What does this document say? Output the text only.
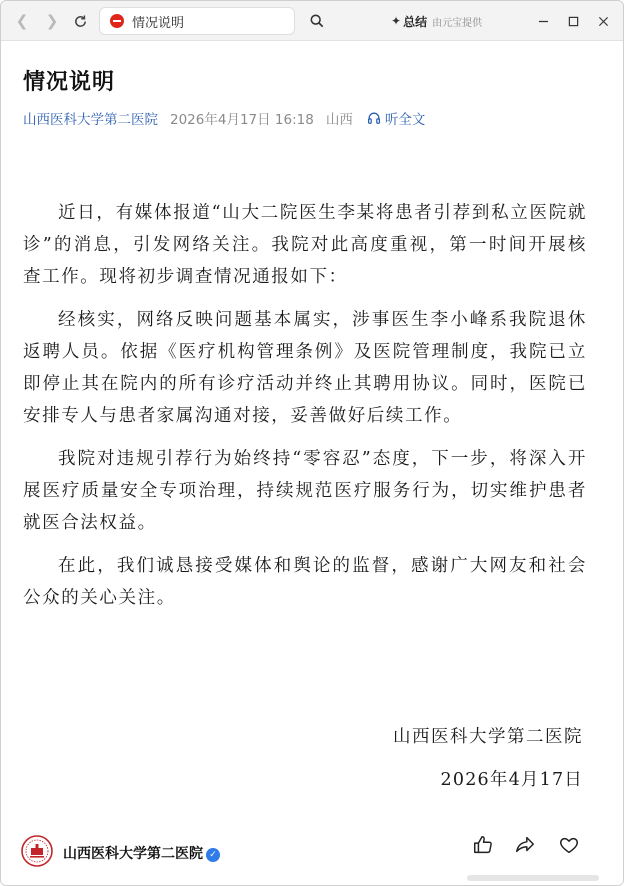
❮ ❯	情况说明	✦ 总结 由元宝提供
情况说明
山西医科大学第二医院 2026年4月17日 16:18 山西 听全文

近日，有媒体报道“山大二院医生李某将患者引荐到私立医院就诊”的消息，引发网络关注。我院对此高度重视，第一时间开展核查工作。现将初步调查情况通报如下：

经核实，网络反映问题基本属实，涉事医生李小峰系我院退休返聘人员。依据《医疗机构管理条例》及医院管理制度，我院已立即停止其在院内的所有诊疗活动并终止其聘用协议。同时，医院已安排专人与患者家属沟通对接，妥善做好后续工作。

我院对违规引荐行为始终持“零容忍”态度，下一步，将深入开展医疗质量安全专项治理，持续规范医疗服务行为，切实维护患者就医合法权益。

在此，我们诚恳接受媒体和舆论的监督，感谢广大网友和社会公众的关心关注。

山西医科大学第二医院
2026年4月17日
山西医科大学第二医院 ✓
